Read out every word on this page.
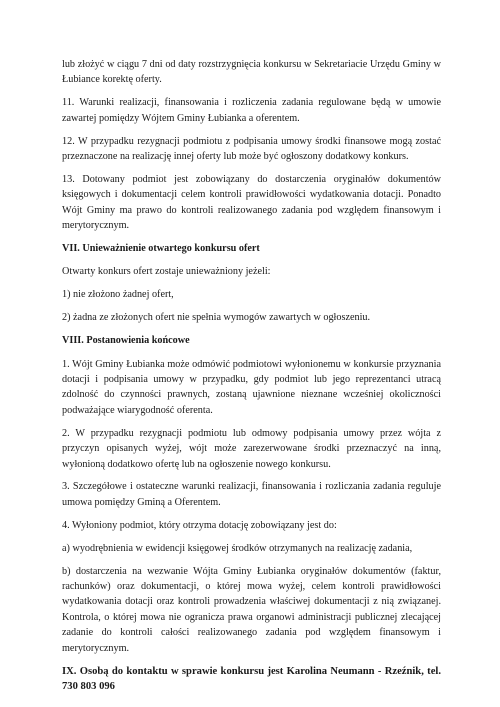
lub złożyć w ciągu 7 dni od daty rozstrzygnięcia konkursu w Sekretariacie Urzędu Gminy w Łubiance korektę oferty.

11. Warunki realizacji, finansowania i rozliczenia zadania regulowane będą w umowie zawartej pomiędzy Wójtem Gminy Łubianka a oferentem.

12. W przypadku rezygnacji podmiotu z podpisania umowy środki finansowe mogą zostać przeznaczone na realizację innej oferty lub może być ogłoszony dodatkowy konkurs.

13. Dotowany podmiot jest zobowiązany do dostarczenia oryginałów dokumentów księgowych i dokumentacji celem kontroli prawidłowości wydatkowania dotacji. Ponadto Wójt Gminy ma prawo do kontroli realizowanego zadania pod względem finansowym i merytorycznym.

VII. Unieważnienie otwartego konkursu ofert

Otwarty konkurs ofert zostaje unieważniony jeżeli:

1) nie złożono żadnej ofert,

2) żadna ze złożonych ofert nie spełnia wymogów zawartych w ogłoszeniu.

VIII. Postanowienia końcowe

1. Wójt Gminy Łubianka może odmówić podmiotowi wyłonionemu w konkursie przyznania dotacji i podpisania umowy w przypadku, gdy podmiot lub jego reprezentanci utracą zdolność do czynności prawnych, zostaną ujawnione nieznane wcześniej okoliczności podważające wiarygodność oferenta.

2. W przypadku rezygnacji podmiotu lub odmowy podpisania umowy przez wójta z przyczyn opisanych wyżej, wójt może zarezerwowane środki przeznaczyć na inną, wyłonioną dodatkowo ofertę lub na ogłoszenie nowego konkursu.

3. Szczegółowe i ostateczne warunki realizacji, finansowania i rozliczania zadania reguluje umowa pomiędzy Gminą a Oferentem.

4. Wyłoniony podmiot, który otrzyma dotację zobowiązany jest do:

a) wyodrębnienia w ewidencji księgowej środków otrzymanych na realizację zadania,

b) dostarczenia na wezwanie Wójta Gminy Łubianka oryginałów dokumentów (faktur, rachunków) oraz dokumentacji, o której mowa wyżej, celem kontroli prawidłowości wydatkowania dotacji oraz kontroli prowadzenia właściwej dokumentacji z nią związanej. Kontrola, o której mowa nie ogranicza prawa organowi administracji publicznej zlecającej zadanie do kontroli całości realizowanego zadania pod względem finansowym i merytorycznym.

IX. Osobą do kontaktu w sprawie konkursu jest Karolina Neumann - Rzeźnik, tel. 730 803 096
